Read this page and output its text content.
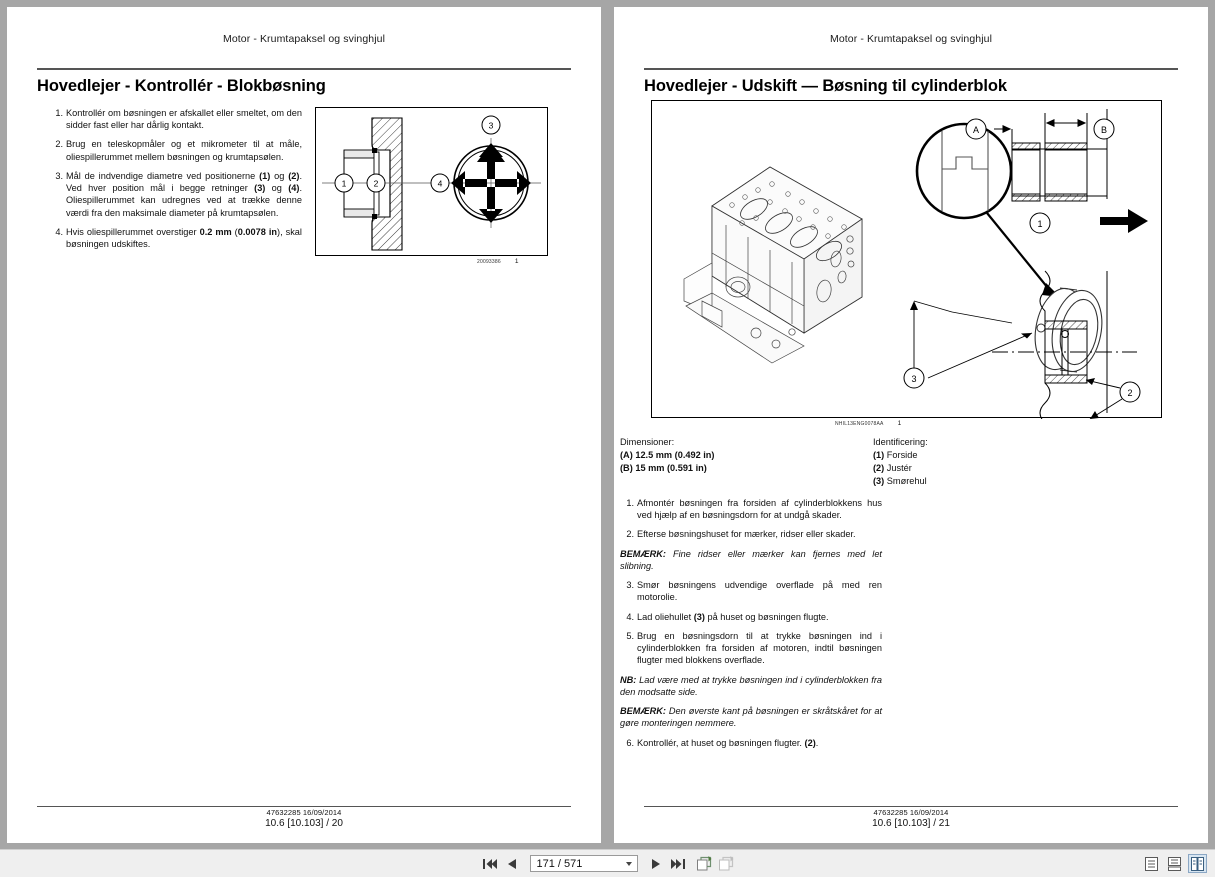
Motor - Krumtapaksel og svinghjul
Hovedlejer - Kontrollér - Blokbøsning
1. Kontrollér om bøsningen er afskallet eller smeltet, om den sidder fast eller har dårlig kontakt.
2. Brug en teleskopmåler og et mikrometer til at måle, oliespillerummet mellem bøsningen og krumtapsølen.
3. Mål de indvendige diametre ved positionerne (1) og (2). Ved hver position mål i begge retninger (3) og (4). Oliespillerummet kan udregnes ved at trække denne værdi fra den maksimale diameter på krumtapsølen.
4. Hvis oliespillerummet overstiger 0.2 mm (0.0078 in), skal bøsningen udskiftes.
1	2
3
4
20093386 1
47632285 16/09/2014
10.6 [10.103] / 20
Motor - Krumtapaksel og svinghjul
Hovedlejer - Udskift — Bøsning til cylinderblok
3
A	B
2
1
NHIL13ENG0078AA 1
Dimensioner:
(A) 12.5 mm (0.492 in)
(B) 15 mm (0.591 in)
Identificering:
(1) Forside
(2) Justér
(3) Smørehul
1. Afmontér bøsningen fra forsiden af cylinderblokkens hus ved hjælp af en bøsningsdorn for at undgå skader.
2. Efterse bøsningshuset for mærker, ridser eller skader.
BEMÆRK: Fine ridser eller mærker kan fjernes med let slibning.
3. Smør bøsningens udvendige overflade på med ren motorolie.
4. Lad oliehullet (3) på huset og bøsningen flugte.
5. Brug en bøsningsdorn til at trykke bøsningen ind i cylinderblokken fra forsiden af motoren, indtil bøsningen flugter med blokkens overflade.
NB: Lad være med at trykke bøsningen ind i cylinderblokken fra den modsatte side.
BEMÆRK: Den øverste kant på bøsningen er skråtskåret for at gøre monteringen nemmere.
6. Kontrollér, at huset og bøsningen flugter. (2).
47632285 16/09/2014
10.6 [10.103] / 21
171 / 571
